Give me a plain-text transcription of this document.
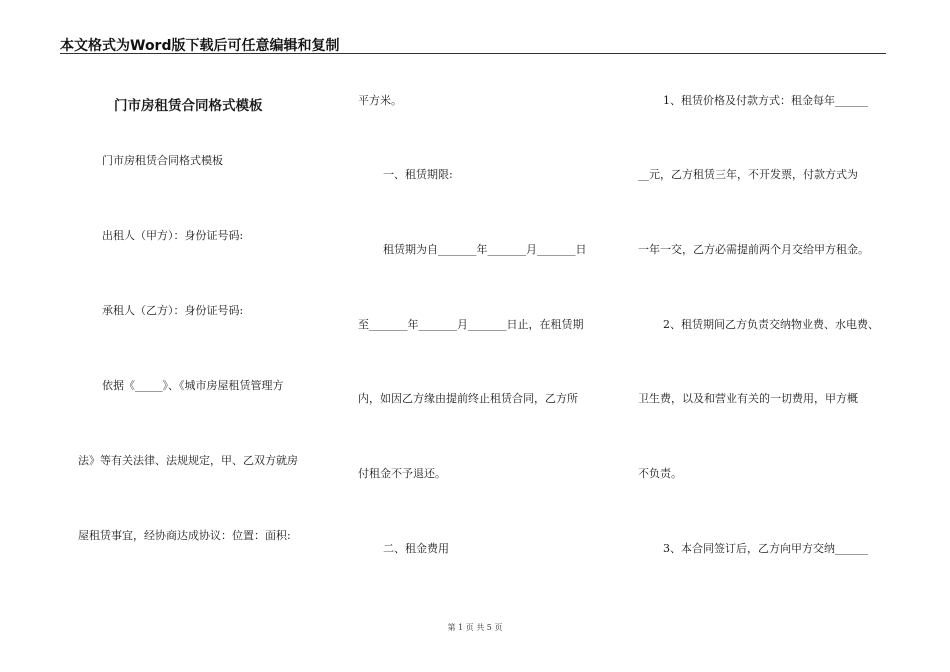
本文格式为Word版下载后可任意编辑和复制
门市房租赁合同格式模板
门市房租赁合同格式模板
出租人（甲方）：身份证号码:
承租人（乙方）：身份证号码:
依据《_____》、《城市房屋租赁管理方
法》等有关法律、法规规定，甲、乙双方就房
屋租赁事宜，经协商达成协议：位置：面积:
平方米。
一、租赁期限:
租赁期为自_______年_______月_______日
至_______年_______月_______日止，在租赁期
内，如因乙方缘由提前终止租赁合同，乙方所
付租金不予退还。
二、租金费用
1、租赁价格及付款方式：租金每年______
__元，乙方租赁三年，不开发票，付款方式为
一年一交，乙方必需提前两个月交给甲方租金。
2、租赁期间乙方负责交纳物业费、水电费、
卫生费，以及和营业有关的一切费用，甲方概
不负责。
3、本合同签订后，乙方向甲方交纳______
第 1 页 共 5 页
